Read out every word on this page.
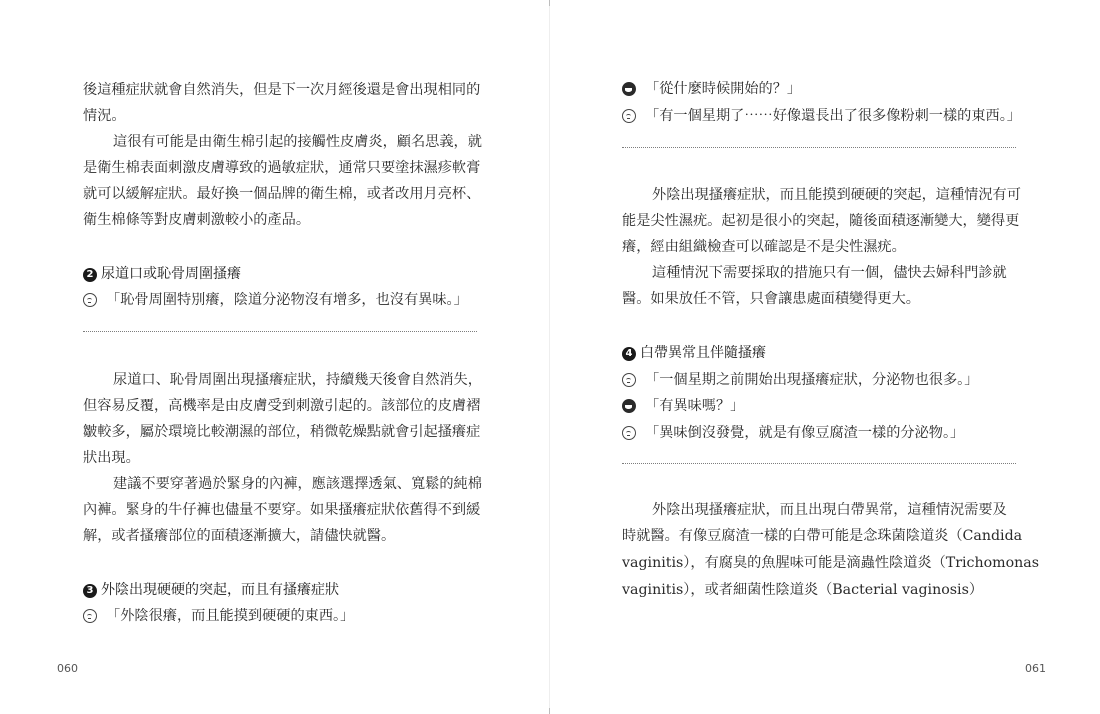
後這種症狀就會自然消失，但是下一次月經後還是會出現相同的
情況。
這很有可能是由衛生棉引起的接觸性皮膚炎，顧名思義，就
是衛生棉表面刺激皮膚導致的過敏症狀，通常只要塗抹濕疹軟膏
就可以緩解症狀。最好換一個品牌的衛生棉，或者改用月亮杯、
衛生棉條等對皮膚刺激較小的產品。
2 尿道口或恥骨周圍搔癢
「恥骨周圍特別癢，陰道分泌物沒有增多，也沒有異味。」
尿道口、恥骨周圍出現搔癢症狀，持續幾天後會自然消失，
但容易反覆，高機率是由皮膚受到刺激引起的。該部位的皮膚褶
皺較多，屬於環境比較潮濕的部位，稍微乾燥點就會引起搔癢症
狀出現。
建議不要穿著過於緊身的內褲，應該選擇透氣、寬鬆的純棉
內褲。緊身的牛仔褲也儘量不要穿。如果搔癢症狀依舊得不到緩
解，或者搔癢部位的面積逐漸擴大，請儘快就醫。
3 外陰出現硬硬的突起，而且有搔癢症狀
「外陰很癢，而且能摸到硬硬的東西。」
060
「從什麼時候開始的？」
「有一個星期了⋯⋯好像還長出了很多像粉刺一樣的東西。」
外陰出現搔癢症狀，而且能摸到硬硬的突起，這種情況有可
能是尖性濕疣。起初是很小的突起，隨後面積逐漸變大，變得更
癢，經由組織檢查可以確認是不是尖性濕疣。
這種情況下需要採取的措施只有一個，儘快去婦科門診就
醫。如果放任不管，只會讓患處面積變得更大。
4 白帶異常且伴隨搔癢
「一個星期之前開始出現搔癢症狀，分泌物也很多。」
「有異味嗎？」
「異味倒沒發覺，就是有像豆腐渣一樣的分泌物。」
外陰出現搔癢症狀，而且出現白帶異常，這種情況需要及
時就醫。有像豆腐渣一樣的白帶可能是念珠菌陰道炎（Candida
vaginitis），有腐臭的魚腥味可能是滴蟲性陰道炎（Trichomonas
vaginitis），或者細菌性陰道炎（Bacterial vaginosis）
061
